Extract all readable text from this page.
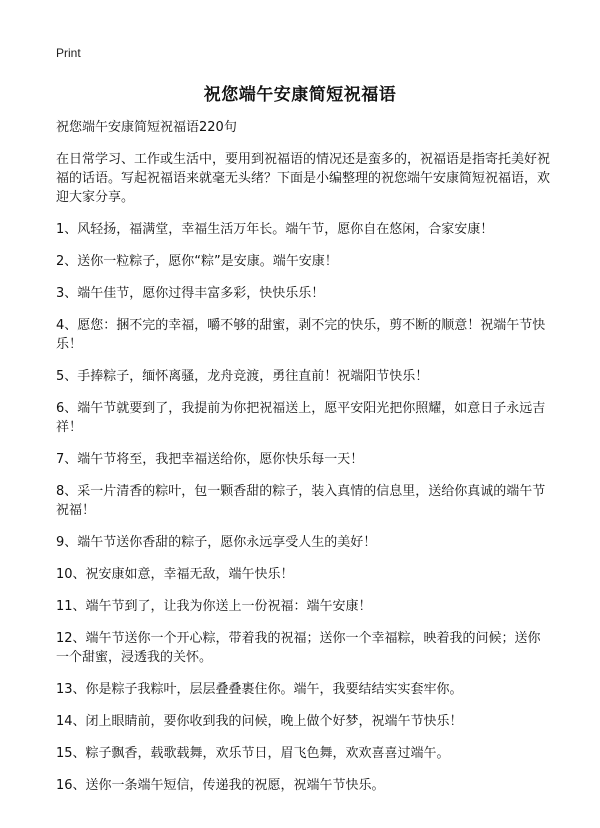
Print
祝您端午安康简短祝福语

祝您端午安康简短祝福语220句

在日常学习、工作或生活中，要用到祝福语的情况还是蛮多的，祝福语是指寄托美好祝福的话语。写起祝福语来就毫无头绪？下面是小编整理的祝您端午安康简短祝福语，欢迎大家分享。

1、风轻扬，福满堂，幸福生活万年长。端午节，愿你自在悠闲，合家安康！

2、送你一粒粽子，愿你“粽”是安康。端午安康！

3、端午佳节，愿你过得丰富多彩，快快乐乐！

4、愿您：捆不完的幸福，嚼不够的甜蜜，剥不完的快乐，剪不断的顺意！祝端午节快乐！

5、手捧粽子，缅怀离骚，龙舟竞渡，勇往直前！祝端阳节快乐！

6、端午节就要到了，我提前为你把祝福送上，愿平安阳光把你照耀，如意日子永远吉祥！

7、端午节将至，我把幸福送给你，愿你快乐每一天！

8、采一片清香的粽叶，包一颗香甜的粽子，装入真情的信息里，送给你真诚的端午节祝福！

9、端午节送你香甜的粽子，愿你永远享受人生的美好！

10、祝安康如意，幸福无敌，端午快乐！

11、端午节到了，让我为你送上一份祝福：端午安康！

12、端午节送你一个开心粽，带着我的祝福；送你一个幸福粽，映着我的问候；送你一个甜蜜，浸透我的关怀。

13、你是粽子我粽叶，层层叠叠裹住你。端午，我要结结实实套牢你。

14、闭上眼睛前，要你收到我的问候，晚上做个好梦，祝端午节快乐！

15、粽子飘香，载歌载舞，欢乐节日，眉飞色舞，欢欢喜喜过端午。

16、送你一条端午短信，传递我的祝愿，祝端午节快乐。
